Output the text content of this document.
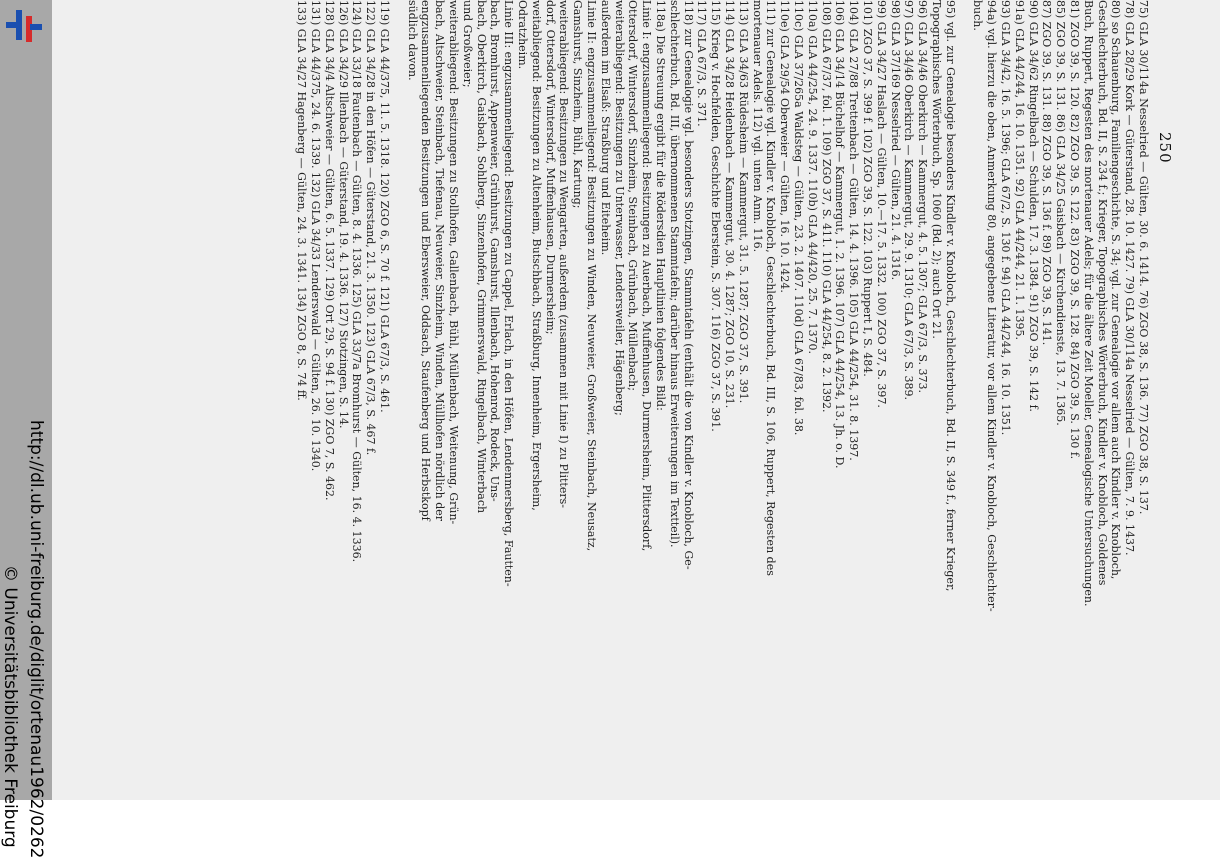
http://dl.ub.uni-freiburg.de/diglit/ortenau1962/0262
© Universitätsbibliothek Freiburg
250
75) GLA 30/114a Nesselried — Gülten, 30. 6. 1414. 76) ZGO 38, S. 136. 77) ZGO 38, S. 137.
78) GLA 28/29 Kork — Güterstand, 28. 10. 1427. 79) GLA 30/114a Nesselried — Gülten, 7. 9. 1437.
80) so Schauenburg, Familiengeschichte, S. 34; vgl. zur Genealogie vor allem auch Kindler v. Knobloch,
Geschlechterbuch, Bd. II, S. 234 f.; Krieger, Topographisches Wörterbuch, Kindler v. Knobloch, Goldenes
Buch, Ruppert, Regesten des mortenauer Adels; für die ältere Zeit Moeller, Genealogische Untersuchungen.
81) ZGO 39, S. 120. 82) ZGO 39, S. 122. 83) ZGO 39, S. 128. 84) ZGO 39, S. 130 f.
85) ZGO 39, S. 131. 86) GLA 34/25 Gaisbach — Kirchendienste, 13. 7. 1365.
87) ZGO 39, S. 131. 88) ZGO 39, S. 136 f. 89) ZGO 39, S. 141.
90) GLA 34/62 Ringelbach — Schulden, 17. 3. 1384. 91) ZGO 39, S. 142 f.
91a) GLA 44/244, 16. 10. 1351. 92) GLA 44/244, 21. 1. 1395.
93) GLA 34/42, 16. 5. 1396; GLA 67/2, S. 130 f. 94) GLA 44/244, 16. 10. 1351.
94a) vgl. hierzu die oben, Anmerkung 80, angegebene Literatur, vor allem Kindler v. Knobloch, Geschlechter-
buch.
95) vgl. zur Genealogie besonders Kindler v. Knobloch, Geschlechterbuch, Bd. II, S. 349 f., ferner Krieger,
Topographisches Wörterbuch, Sp. 1060 (Bd. 2); auch Ort 21.
96) GLA 34/46 Oberkirch — Kammergut, 4. 5. 1307; GLA 67/3, S. 373.
97) GLA 34/46 Oberkirch — Kammergut, 29. 9. 1310; GLA 67/3, S. 389.
98) GLA 37/169 Nesselried — Gülten, 21. 4. 1316.
99) GLA 34/27 Haslach — Gülten, 10.—17. 5. 1332. 100) ZGO 37, S. 397.
101) ZGO 37, S. 399 f. 102) ZGO 39, S. 122. 103) Ruppert I, S. 484.
104) GLA 27/88 Trettenbach — Gülten, 14. 4. 1396. 105) GLA 44/254, 31. 8. 1397.
106) GLA 34/14 Büchelhof — Kammergut, 1. 2. 1396. 107) GLA 44/254, 13. Jh. o. D.
108) GLA 67/37, fol. 1. 109) ZGO 37, S. 411. 110) GLA 44/254, 8. 2. 1392.
110a) GLA 44/254, 24. 9. 1337. 110b) GLA 44/420, 25. 7. 1370.
110c) GLA 37/265a Waldsteg — Gülten, 23. 2. 1407. 110d) GLA 67/83, fol. 38.
110e) GLA 29/54 Oberweier — Gülten, 16. 10. 1424.
111) zur Genealogie vgl. Kindler v. Knobloch, Geschlechterbuch, Bd. III, S. 106, Ruppert, Regesten des
mortenauer Adels. 112) vgl. unten Anm. 116.
113) GLA 34/63 Rüdesheim — Kammergut, 31. 5. 1287; ZGO 37, S. 391.
114) GLA 34/28 Heidenbach — Kammergut, 30. 4. 1287; ZGO 10, S. 231.
115) Krieg v. Hochfelden, Geschichte Eberstein, S. 307. 116) ZGO 37, S. 391.
117) GLA 67/3, S. 371.
118) zur Genealogie vgl. besonders Stotzingen, Stammtafeln (enthält die von Kindler v. Knobloch, Ge-
schlechterbuch, Bd. III, übernommenen Stammtafeln; darüber hinaus Erweiterungen im Textteil).
118a) Die Streuung ergibt für die Rödersdien Hauptlinien folgendes Bild:
Linie I: engzusammenliegend: Besitzungen zu Auerbach, Muffenhusen, Durmersheim, Plittersdorf,
Ottersdorf, Wintersdorf, Sinzheim, Steinbach, Grünbach, Müllenbach;
weiterabliegend: Besitzungen zu Unterwasser, Lendersweiler, Hägenberg;
außerdem im Elsaß: Straßburg und Eiteheim.
Linie II: engzusammenliegend: Besitzungen zu Winden, Neuweier, Großweier, Steinbach, Neusatz,
Gamshurst, Sinzheim, Bühl, Kartung;
weiterabliegend: Besitzungen zu Wengarten, außerdem (zusammen mit Linie I) zu Plitters-
dorf, Ottersdorf, Wintersdorf, Muffenhausen, Durmersheim;
weitabliegend: Besitzungen zu Altenheim, Butschbach, Straßburg, Innenheim, Ergersheim,
Odratzheim.
Linie III: engzusammenliegend: Besitzungen zu Cappel, Erlach, in den Höfen, Lendenmersberg, Fautten-
bach, Bromhurst, Appenweier, Grünhurst, Gamshurst, Illenbach, Hohenrod, Rodeck, Uns-
bach, Oberkirch, Gaisbach, Sohlberg, Sinzenhofen, Grimmerswald, Ringelbach, Winterbach
und Großweier;
weiterabliegend: Besitzungen zu Stollhofen, Gallenbach, Bühl, Müllenbach, Weitenung, Grün-
bach, Altschweier, Steinbach, Tiefenau, Neuweier, Sinzheim, Winden, Müllhofen nördlich der
engzusammenliegenden Besitzungen und Ebersweier, Oddsach, Staufenberg und Herbstkopf
südlich davon.
119) GLA 44/375, 11. 5. 1318. 120) ZGO 6, S. 70 f. 121) GLA 67/3, S. 461.
122) GLA 34/28 in den Höfen — Güterstand, 21. 3. 1350. 123) GLA 67/3, S. 467 f.
124) GLA 33/18 Fautenbach — Gülten, 8. 4. 1336. 125) GLA 33/7a Bromhurst — Gülten, 16. 4. 1336.
126) GLA 34/29 Illenbach — Güterstand, 19. 4. 1336. 127) Stotzingen, S. 14.
128) GLA 34/4 Altschweier — Gülten, 6. 5. 1337. 129) Ort 29, S. 94 f. 130) ZGO 7, S. 462.
131) GLA 44/375, 24. 6. 1339. 132) GLA 34/33 Lenderswald — Gülten, 26. 10. 1340.
133) GLA 34/27 Hagenberg — Gülten, 24. 3. 1341. 134) ZGO 8, S. 74 ff.
